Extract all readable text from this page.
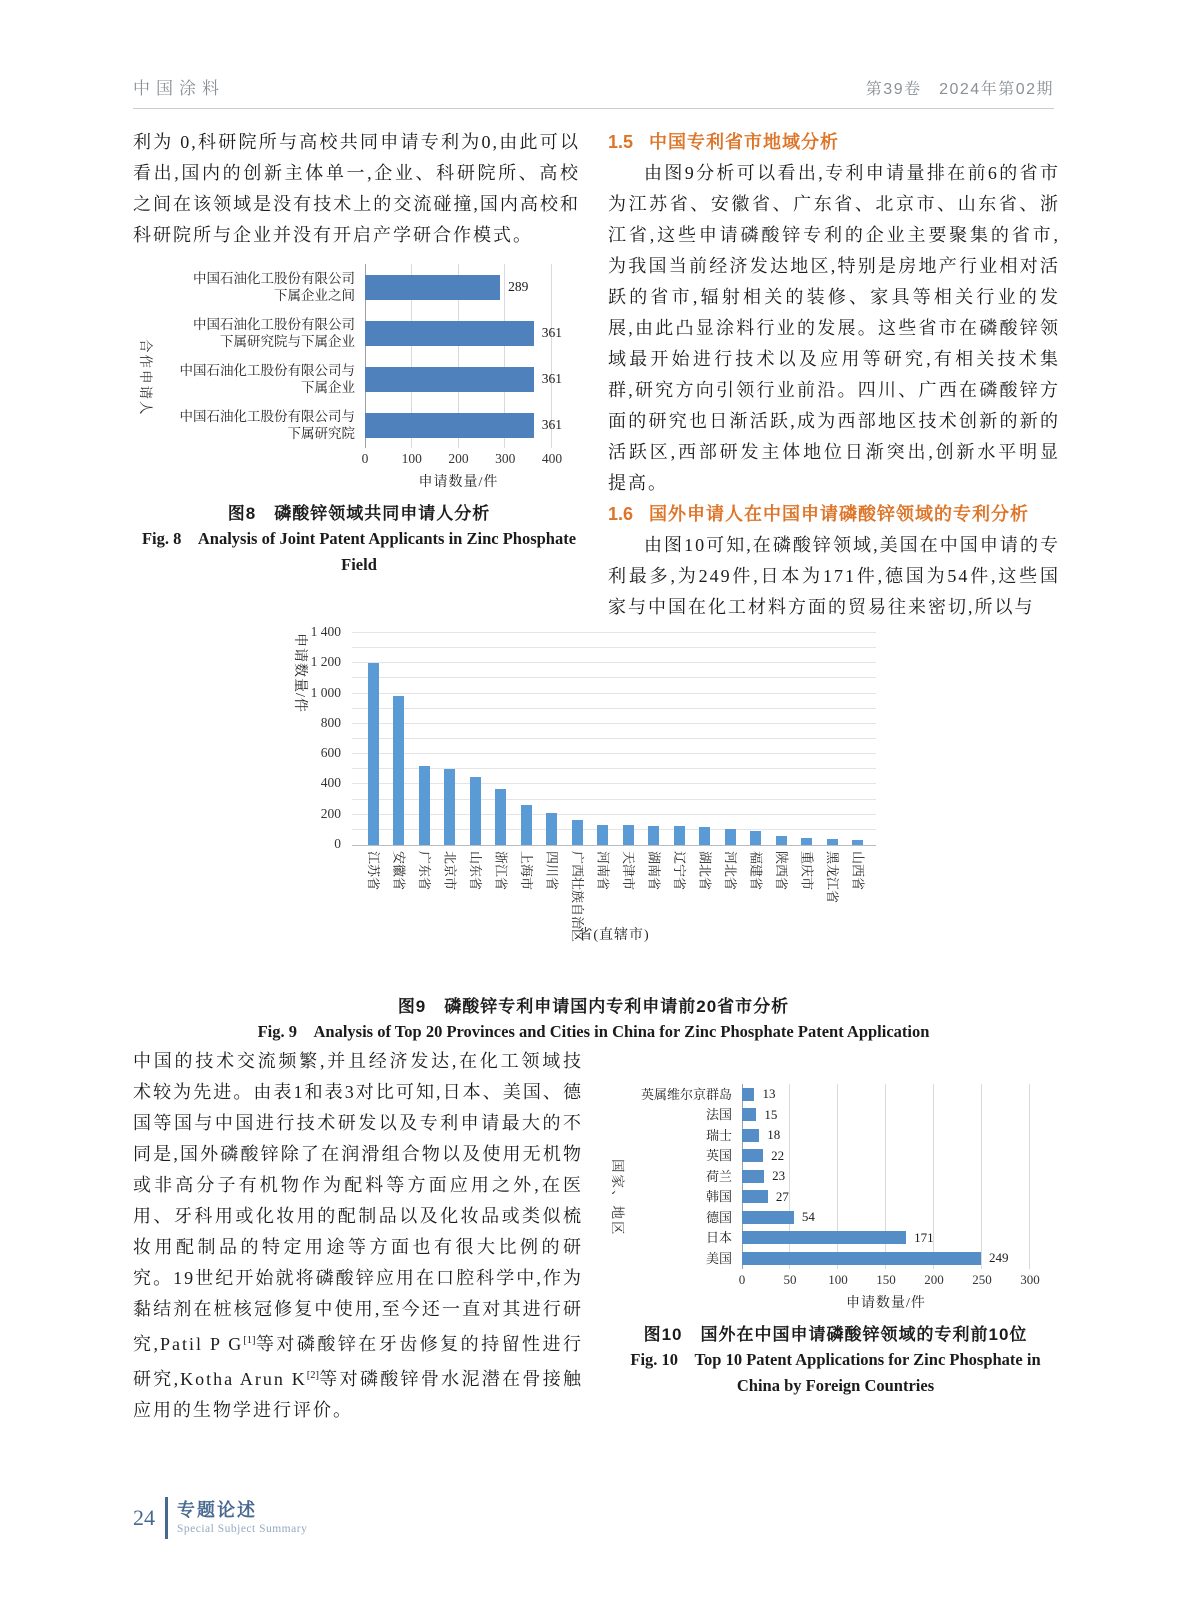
中国涂料	第39卷　2024年第02期

利为 0,科研院所与高校共同申请专利为0,由此可以看出,国内的创新主体单一,企业、科研院所、高校之间在该领域是没有技术上的交流碰撞,国内高校和科研院所与企业并没有开启产学研合作模式。

合作申请人
中国石油化工股份有限公司
下属企业之间
289
中国石油化工股份有限公司
下属研究院与下属企业
361
中国石油化工股份有限公司与
下属企业
361
中国石油化工股份有限公司与
下属研究院
361
0 100 200 300 400
申请数量/件
图8　磷酸锌领域共同申请人分析
Fig. 8　Analysis of Joint Patent Applicants in Zinc Phosphate Field

1.5 中国专利省市地域分析

由图9分析可以看出,专利申请量排在前6的省市为江苏省、安徽省、广东省、北京市、山东省、浙江省,这些申请磷酸锌专利的企业主要聚集的省市,为我国当前经济发达地区,特别是房地产行业相对活跃的省市,辐射相关的装修、家具等相关行业的发展,由此凸显涂料行业的发展。这些省市在磷酸锌领域最开始进行技术以及应用等研究,有相关技术集群,研究方向引领行业前沿。四川、广西在磷酸锌方面的研究也日渐活跃,成为西部地区技术创新的新的活跃区,西部研发主体地位日渐突出,创新水平明显提高。

1.6 国外申请人在中国申请磷酸锌领域的专利分析

由图10可知,在磷酸锌领域,美国在中国申请的专利最多,为249件,日本为171件,德国为54件,这些国家与中国在化工材料方面的贸易往来密切,所以与

申请数量/件
0
200
400
600
800
1 000
1 200
1 400
江苏省 安徽省 广东省 北京市 山东省 浙江省 上海市 四川省 广西壮族自治区 河南省 天津市 湖南省 辽宁省 湖北省 河北省 福建省 陕西省 重庆市 黑龙江省 山西省
省(直辖市)
图9　磷酸锌专利申请国内专利申请前20省市分析
Fig. 9　Analysis of Top 20 Provinces and Cities in China for Zinc Phosphate Patent Application

中国的技术交流频繁,并且经济发达,在化工领域技术较为先进。由表1和表3对比可知,日本、美国、德国等国与中国进行技术研发以及专利申请最大的不同是,国外磷酸锌除了在润滑组合物以及使用无机物或非高分子有机物作为配料等方面应用之外,在医用、牙科用或化妆用的配制品以及化妆品或类似梳妆用配制品的特定用途等方面也有很大比例的研究。19世纪开始就将磷酸锌应用在口腔科学中,作为黏结剂在桩核冠修复中使用,至今还一直对其进行研究,Patil P G[1]等对磷酸锌在牙齿修复的持留性进行研究,Kotha Arun K[2]等对磷酸锌骨水泥潜在骨接触应用的生物学进行评价。

国家、地区
英属维尔京群岛 13
法国 15
瑞士	18
英国	22
荷兰	23
韩国	27
德国	54
日本	171
美国	249
0	50 100 150 200 250 300
申请数量/件
图10　国外在中国申请磷酸锌领域的专利前10位
Fig. 10　Top 10 Patent Applications for Zinc Phosphate in China by Foreign Countries
24 专题论述
Special Subject Summary
